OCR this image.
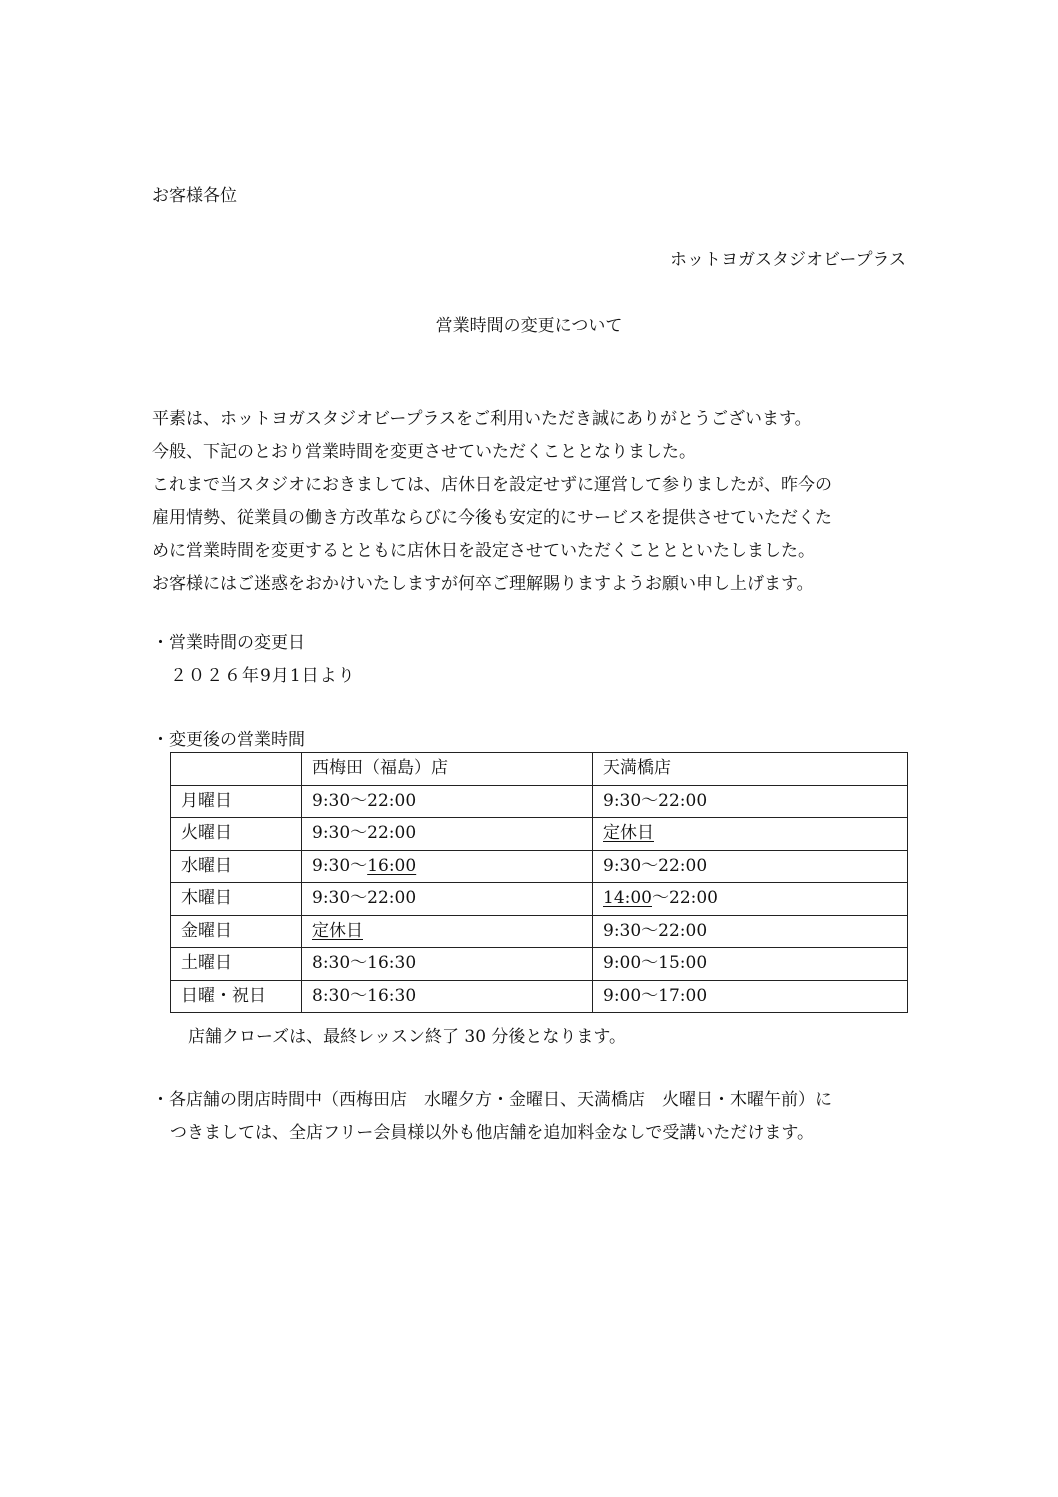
お客様各位
ホットヨガスタジオビープラス
営業時間の変更について
平素は、ホットヨガスタジオビープラスをご利用いただき誠にありがとうございます。
今般、下記のとおり営業時間を変更させていただくこととなりました。
これまで当スタジオにおきましては、店休日を設定せずに運営して参りましたが、昨今の
雇用情勢、従業員の働き方改革ならびに今後も安定的にサービスを提供させていただくた
めに営業時間を変更するとともに店休日を設定させていただくこととといたしました。
お客様にはご迷惑をおかけいたしますが何卒ご理解賜りますようお願い申し上げます。
・営業時間の変更日
２０２６年9月1日より
・変更後の営業時間
	西梅田（福島）店	天満橋店
月曜日	9:30～22:00	9:30～22:00
火曜日	9:30～22:00	定休日
水曜日	9:30～16:00	9:30～22:00
木曜日	9:30～22:00	14:00～22:00
金曜日	定休日	9:30～22:00
土曜日	8:30～16:30	9:00～15:00
日曜・祝日	8:30～16:30	9:00～17:00
店舗クローズは、最終レッスン終了 30 分後となります。
・各店舗の閉店時間中（西梅田店　水曜夕方・金曜日、天満橋店　火曜日・木曜午前）に
つきましては、全店フリー会員様以外も他店舗を追加料金なしで受講いただけます。
